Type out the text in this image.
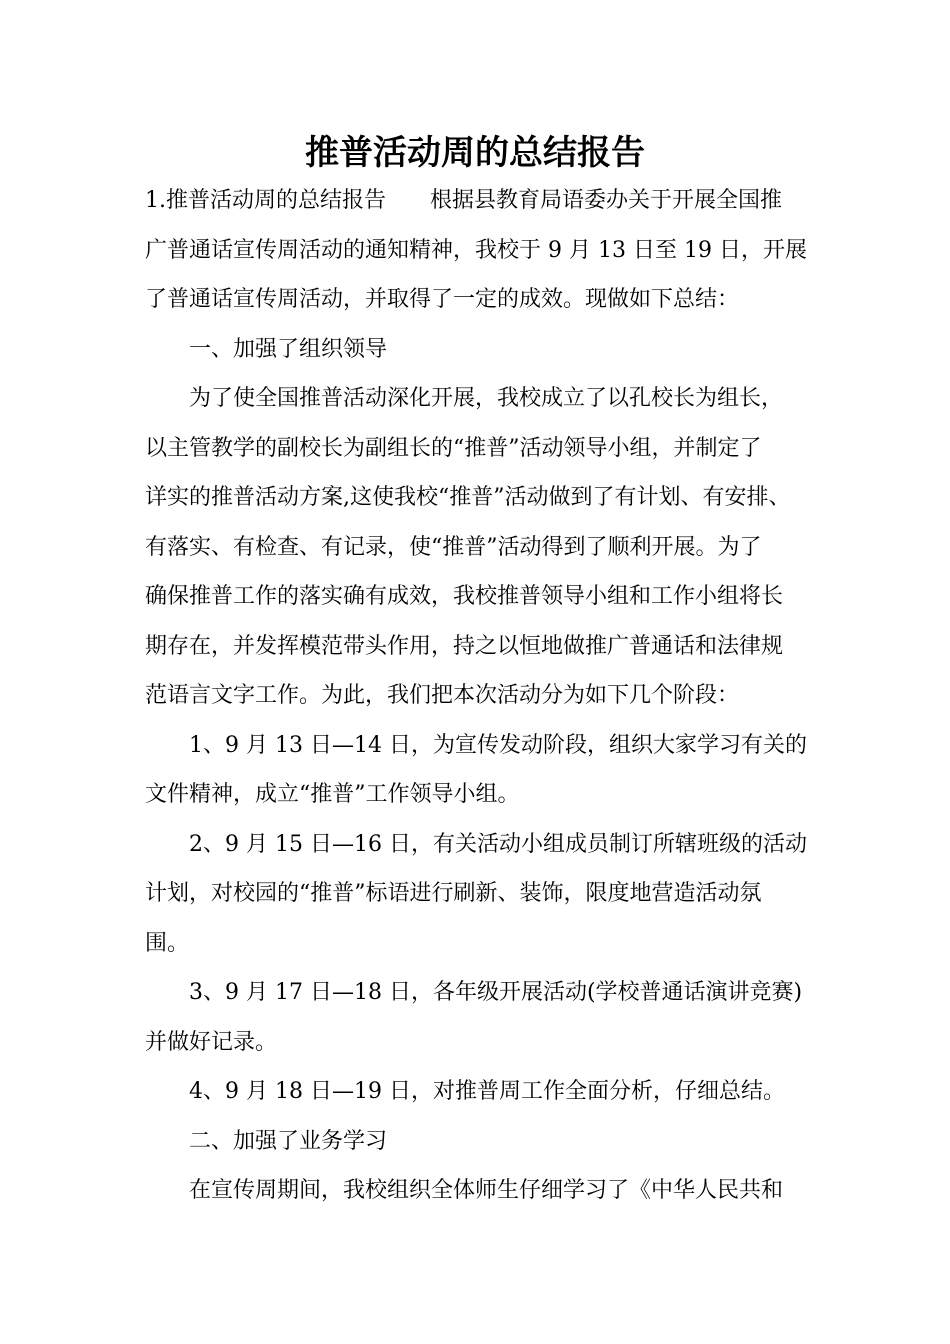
推普活动周的总结报告
1.推普活动周的总结报告　　根据县教育局语委办关于开展全国推
广普通话宣传周活动的通知精神，我校于 9 月 13 日至 19 日，开展
了普通话宣传周活动，并取得了一定的成效。现做如下总结：
一、加强了组织领导
为了使全国推普活动深化开展，我校成立了以孔校长为组长，
以主管教学的副校长为副组长的“推普”活动领导小组，并制定了
详实的推普活动方案,这使我校“推普”活动做到了有计划、有安排、
有落实、有检查、有记录，使“推普”活动得到了顺利开展。为了
确保推普工作的落实确有成效，我校推普领导小组和工作小组将长
期存在，并发挥模范带头作用，持之以恒地做推广普通话和法律规
范语言文字工作。为此，我们把本次活动分为如下几个阶段：
1、9 月 13 日—14 日，为宣传发动阶段，组织大家学习有关的
文件精神，成立“推普”工作领导小组。
2、9 月 15 日—16 日，有关活动小组成员制订所辖班级的活动
计划，对校园的“推普”标语进行刷新、装饰，限度地营造活动氛
围。
3、9 月 17 日—18 日，各年级开展活动(学校普通话演讲竞赛)
并做好记录。
4、9 月 18 日—19 日，对推普周工作全面分析，仔细总结。
二、加强了业务学习
在宣传周期间，我校组织全体师生仔细学习了《中华人民共和
